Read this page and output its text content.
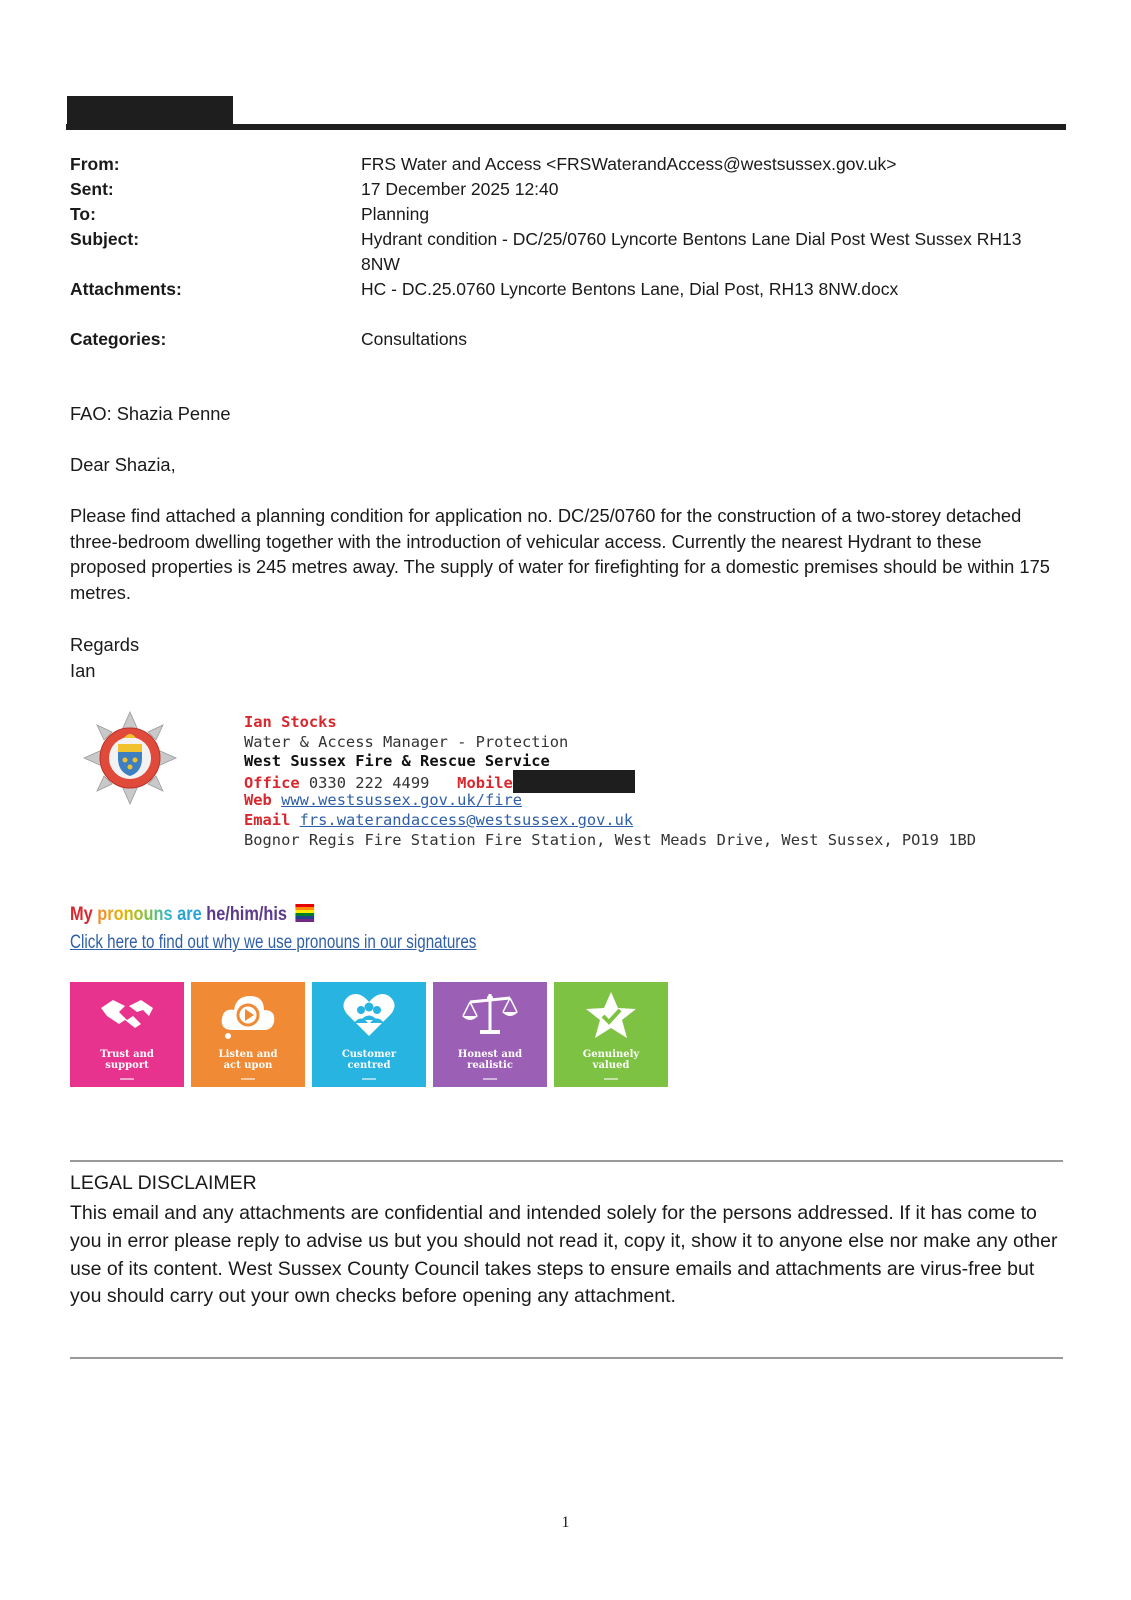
From:	FRS Water and Access <FRSWaterandAccess@westsussex.gov.uk>
Sent:	17 December 2025 12:40
To:	Planning
Subject:	Hydrant condition - DC/25/0760 Lyncorte Bentons Lane Dial Post West Sussex RH13 8NW
Attachments:	HC - DC.25.0760 Lyncorte Bentons Lane, Dial Post, RH13 8NW.docx
Categories:	Consultations
FAO: Shazia Penne
Dear Shazia,
Please find attached a planning condition for application no. DC/25/0760 for the construction of a two-storey detached three-bedroom dwelling together with the introduction of vehicular access. Currently the nearest Hydrant to these proposed properties is 245 metres away. The supply of water for firefighting for a domestic premises should be within 175 metres.
Regards
Ian
Ian Stocks
Water & Access Manager - Protection
West Sussex Fire & Rescue Service
Office 0330 222 4499 Mobile
Web www.westsussex.gov.uk/fire
Email frs.waterandaccess@westsussex.gov.uk
Bognor Regis Fire Station Fire Station, West Meads Drive, West Sussex, PO19 1BD
My pronouns are he/him/his
Click here to find out why we use pronouns in our signatures
Trust and
support
Listen and
act upon
Customer
centred
Honest and
realistic
Genuinely
valued
LEGAL DISCLAIMER
This email and any attachments are confidential and intended solely for the persons addressed. If it has come to you in error please reply to advise us but you should not read it, copy it, show it to anyone else nor make any other use of its content. West Sussex County Council takes steps to ensure emails and attachments are virus-free but you should carry out your own checks before opening any attachment.
1
